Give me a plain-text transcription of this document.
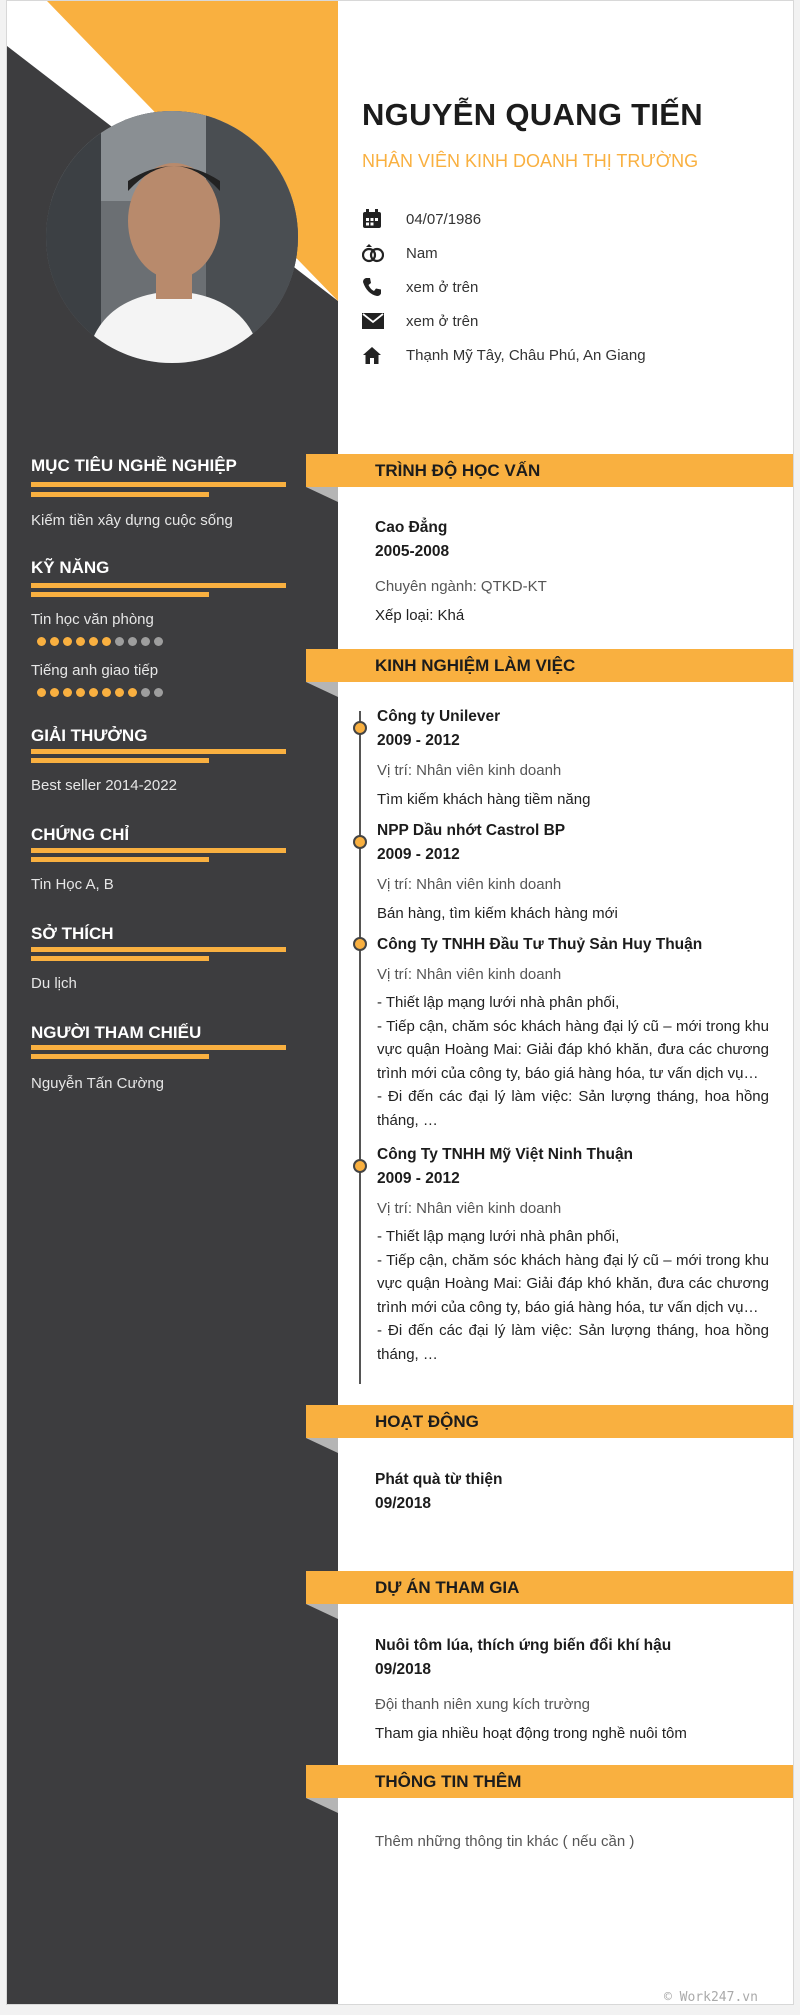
MỤC TIÊU NGHỀ NGHIỆP
Kiếm tiền xây dựng cuộc sống
KỸ NĂNG
Tin học văn phòng
Tiếng anh giao tiếp
GIẢI THƯỞNG
Best seller 2014-2022
CHỨNG CHỈ
Tin Học A, B
SỞ THÍCH
Du lịch
NGƯỜI THAM CHIẾU
Nguyễn Tấn Cường
NGUYỄN QUANG TIẾN
NHÂN VIÊN KINH DOANH THỊ TRƯỜNG
04/07/1986
Nam
xem ở trên
xem ở trên
Thạnh Mỹ Tây, Châu Phú, An Giang
TRÌNH ĐỘ HỌC VẤN
Cao Đẳng
2005-2008
Chuyên ngành: QTKD-KT
Xếp loại: Khá
KINH NGHIỆM LÀM VIỆC
Công ty Unilever
2009 - 2012
Vị trí: Nhân viên kinh doanh
Tìm kiếm khách hàng tiềm năng
NPP Dầu nhớt Castrol BP
2009 - 2012
Vị trí: Nhân viên kinh doanh
Bán hàng, tìm kiếm khách hàng mới
Công Ty TNHH Đầu Tư Thuỷ Sản Huy Thuận
Vị trí: Nhân viên kinh doanh
- Thiết lập mạng lưới nhà phân phối,
- Tiếp cận, chăm sóc khách hàng đại lý cũ – mới trong khu vực quận Hoàng Mai: Giải đáp khó khăn, đưa các chương trình mới của công ty, báo giá hàng hóa, tư vấn dịch vụ…
- Đi đến các đại lý làm việc: Sản lượng tháng, hoa hồng tháng, …
Công Ty TNHH Mỹ Việt Ninh Thuận
2009 - 2012
Vị trí: Nhân viên kinh doanh
- Thiết lập mạng lưới nhà phân phối,
- Tiếp cận, chăm sóc khách hàng đại lý cũ – mới trong khu vực quận Hoàng Mai: Giải đáp khó khăn, đưa các chương trình mới của công ty, báo giá hàng hóa, tư vấn dịch vụ…
- Đi đến các đại lý làm việc: Sản lượng tháng, hoa hồng tháng, …
HOẠT ĐỘNG
Phát quà từ thiện
09/2018
DỰ ÁN THAM GIA
Nuôi tôm lúa, thích ứng biến đổi khí hậu
09/2018
Đội thanh niên xung kích trường
Tham gia nhiều hoạt động trong nghề nuôi tôm
THÔNG TIN THÊM
Thêm những thông tin khác ( nếu cần )
© Work247.vn
